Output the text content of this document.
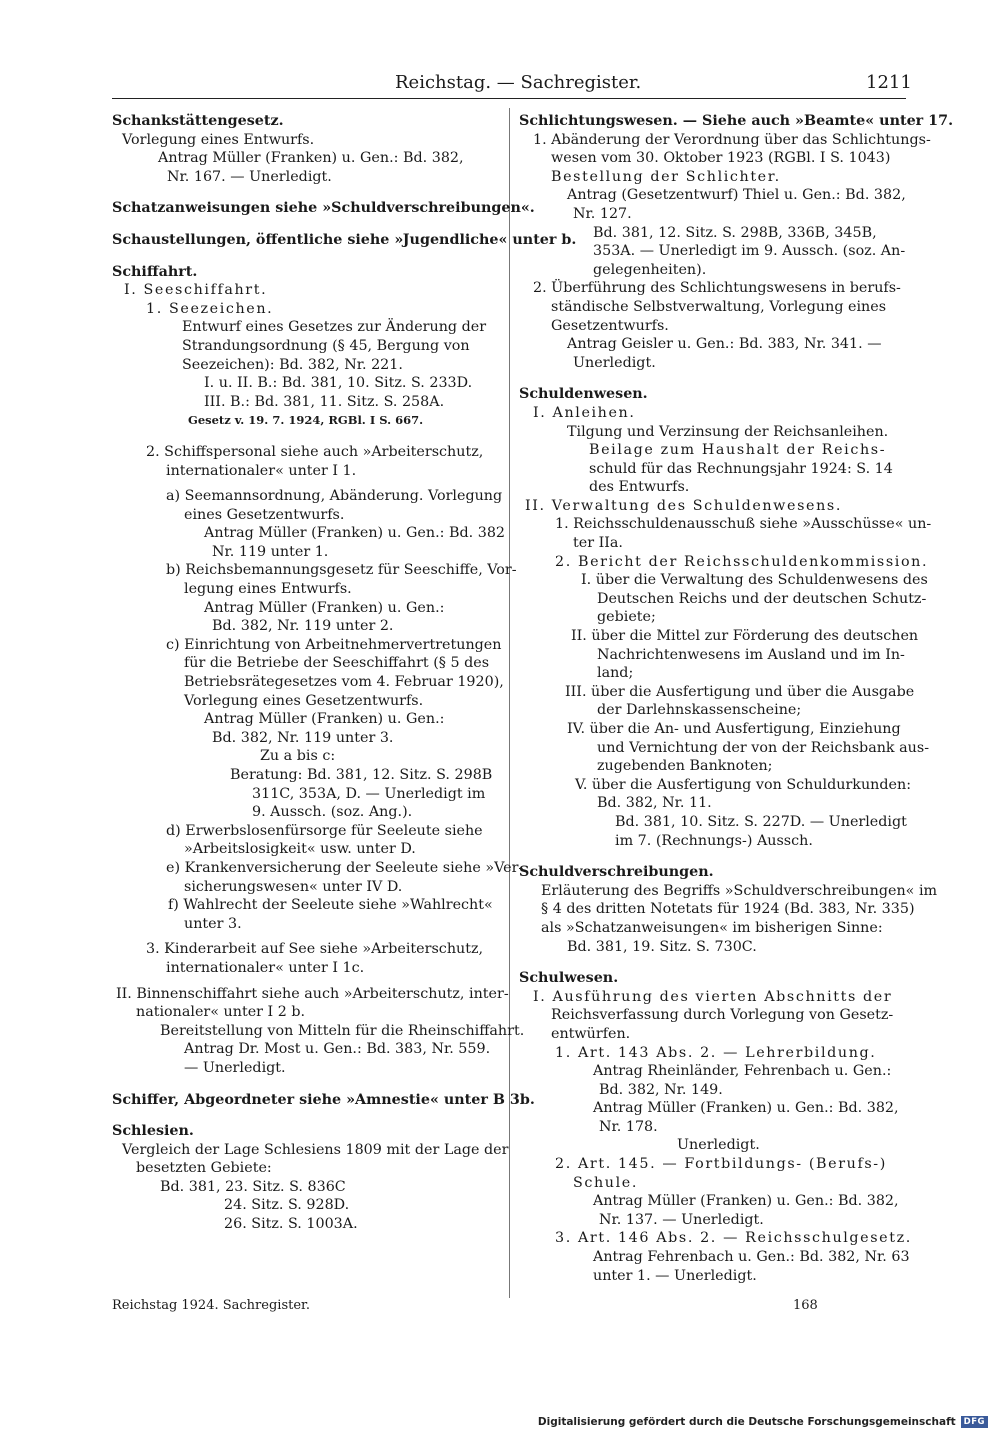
Reichstag. — Sachregister.	1211
Schankstättengesetz.
Vorlegung eines Entwurfs.
Antrag Müller (Franken) u. Gen.: Bd. 382,
Nr. 167. — Unerledigt.
Schatzanweisungen siehe »Schuldverschreibungen«.
Schaustellungen, öffentliche siehe »Jugendliche« unter b.
Schiffahrt.
I. Seeschiffahrt.
1. Seezeichen.
Entwurf eines Gesetzes zur Änderung der
Strandungsordnung (§ 45, Bergung von
Seezeichen): Bd. 382, Nr. 221.
I. u. II. B.: Bd. 381, 10. Sitz. S. 233D.
III. B.: Bd. 381, 11. Sitz. S. 258A.
Gesetz v. 19. 7. 1924, RGBl. I S. 667.
2. Schiffspersonal siehe auch »Arbeiterschutz,
internationaler« unter I 1.
a) Seemannsordnung, Abänderung. Vorlegung
eines Gesetzentwurfs.
Antrag Müller (Franken) u. Gen.: Bd. 382
Nr. 119 unter 1.
b) Reichsbemannungsgesetz für Seeschiffe, Vor-
legung eines Entwurfs.
Antrag Müller (Franken) u. Gen.:
Bd. 382, Nr. 119 unter 2.
c) Einrichtung von Arbeitnehmervertretungen
für die Betriebe der Seeschiffahrt (§ 5 des
Betriebsrätegesetzes vom 4. Februar 1920),
Vorlegung eines Gesetzentwurfs.
Antrag Müller (Franken) u. Gen.:
Bd. 382, Nr. 119 unter 3.
Zu a bis c:
Beratung: Bd. 381, 12. Sitz. S. 298B
311C, 353A, D. — Unerledigt im
9. Aussch. (soz. Ang.).
d) Erwerbslosenfürsorge für Seeleute siehe
»Arbeitslosigkeit« usw. unter D.
e) Krankenversicherung der Seeleute siehe »Ver-
sicherungswesen« unter IV D.
f) Wahlrecht der Seeleute siehe »Wahlrecht«
unter 3.
3. Kinderarbeit auf See siehe »Arbeiterschutz,
internationaler« unter I 1c.
II. Binnenschiffahrt siehe auch »Arbeiterschutz, inter-
nationaler« unter I 2 b.
Bereitstellung von Mitteln für die Rheinschiffahrt.
Antrag Dr. Most u. Gen.: Bd. 383, Nr. 559.
— Unerledigt.
Schiffer, Abgeordneter siehe »Amnestie« unter B 3b.
Schlesien.
Vergleich der Lage Schlesiens 1809 mit der Lage der
besetzten Gebiete:
Bd. 381, 23. Sitz. S. 836C
24. Sitz. S. 928D.
26. Sitz. S. 1003A.
Schlichtungswesen. — Siehe auch »Beamte« unter 17.
1. Abänderung der Verordnung über das Schlichtungs-
wesen vom 30. Oktober 1923 (RGBl. I S. 1043)
Bestellung der Schlichter.
Antrag (Gesetzentwurf) Thiel u. Gen.: Bd. 382,
Nr. 127.
Bd. 381, 12. Sitz. S. 298B, 336B, 345B,
353A. — Unerledigt im 9. Aussch. (soz. An-
gelegenheiten).
2. Überführung des Schlichtungswesens in berufs-
ständische Selbstverwaltung, Vorlegung eines
Gesetzentwurfs.
Antrag Geisler u. Gen.: Bd. 383, Nr. 341. —
Unerledigt.
Schuldenwesen.
I. Anleihen.
Tilgung und Verzinsung der Reichsanleihen.
Beilage zum Haushalt der Reichs-
schuld für das Rechnungsjahr 1924: S. 14
des Entwurfs.
II. Verwaltung des Schuldenwesens.
1. Reichsschuldenausschuß siehe »Ausschüsse« un-
ter IIa.
2. Bericht der Reichsschuldenkommission.
I. über die Verwaltung des Schuldenwesens des
Deutschen Reichs und der deutschen Schutz-
gebiete;
II. über die Mittel zur Förderung des deutschen
Nachrichtenwesens im Ausland und im In-
land;
III. über die Ausfertigung und über die Ausgabe
der Darlehnskassenscheine;
IV. über die An- und Ausfertigung, Einziehung
und Vernichtung der von der Reichsbank aus-
zugebenden Banknoten;
V. über die Ausfertigung von Schuldurkunden:
Bd. 382, Nr. 11.
Bd. 381, 10. Sitz. S. 227D. — Unerledigt
im 7. (Rechnungs-) Aussch.
Schuldverschreibungen.
Erläuterung des Begriffs »Schuldverschreibungen« im
§ 4 des dritten Notetats für 1924 (Bd. 383, Nr. 335)
als »Schatzanweisungen« im bisherigen Sinne:
Bd. 381, 19. Sitz. S. 730C.
Schulwesen.
I. Ausführung des vierten Abschnitts der
Reichsverfassung durch Vorlegung von Gesetz-
entwürfen.
1. Art. 143 Abs. 2. — Lehrerbildung.
Antrag Rheinländer, Fehrenbach u. Gen.:
Bd. 382, Nr. 149.
Antrag Müller (Franken) u. Gen.: Bd. 382,
Nr. 178.
Unerledigt.
2. Art. 145. — Fortbildungs- (Berufs-)
Schule.
Antrag Müller (Franken) u. Gen.: Bd. 382,
Nr. 137. — Unerledigt.
3. Art. 146 Abs. 2. — Reichsschulgesetz.
Antrag Fehrenbach u. Gen.: Bd. 382, Nr. 63
unter 1. — Unerledigt.
Reichstag 1924. Sachregister.	168
Digitalisierung gefördert durch die Deutsche Forschungsgemeinschaft DFG
